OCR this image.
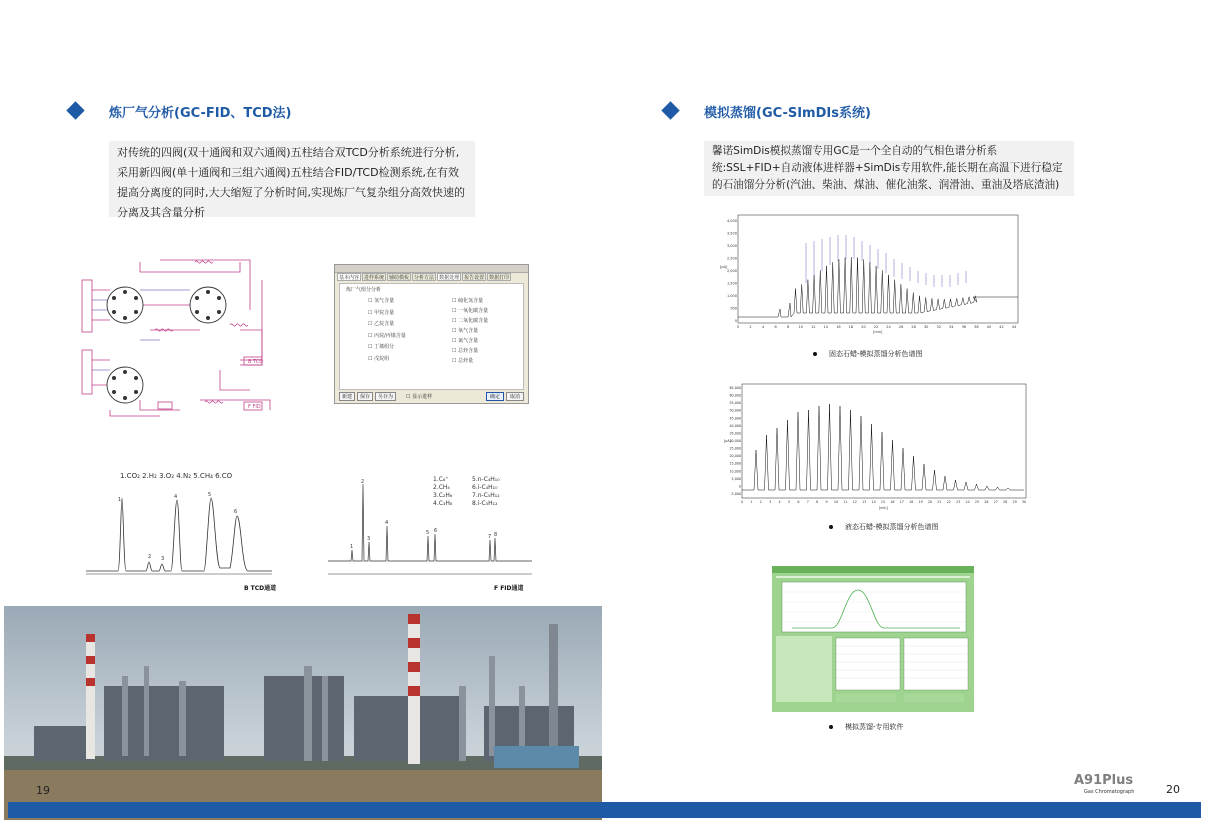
炼厂气分析(GC-FID、TCD法)
对传统的四阀(双十通阀和双六通阀)五柱结合双TCD分析系统进行分析,采用新四阀(单十通阀和三组六通阀)五柱结合FID/TCD检测系统,在有效提高分离度的同时,大大缩短了分析时间,实现炼厂气复杂组分高效快速的分离及其含量分析
B TCD
F FID
基本内容	进样系统	辅助模板	分析方法	数据处理	报告设置	数据打印
炼厂气组分分析
☐ 氢气含量
☐ 甲烷含量
☐ 乙烷含量
☐ 丙烷/丙烯含量
☐ 丁烯组分
☐ 戊烷组
☐ 硫化氢含量
☐ 一氧化碳含量
☐ 二氧化碳含量
☐ 氧气含量
☐ 氮气含量
☐ 总烃含量
☐ 总烃量
新建	保存	另存为	☐ 显示进样	确定	取消
1.CO₂ 2.H₂ 3.O₂ 4.N₂ 5.CH₄ 6.CO
1
2 3
4	5
6
B TCD通道
1.C₆⁺
2.CH₄
3.C₂H₆
4.C₃H₈
5.n-C₄H₁₀
6.i-C₄H₁₀
7.n-C₅H₁₂
8.i-C₅H₁₂
1
2
3
4
5 6
7 8
F FID通道
19
模拟蒸馏(GC-SImDIs系统)
馨诺SimDis模拟蒸馏专用GC是一个全自动的气相色谱分析系统:SSL+FID+自动液体进样器+SimDis专用软件,能长期在高温下进行稳定的石油馏分分析(汽油、柴油、煤油、催化油浆、润滑油、重油及塔底渣油)
4,000
3,500
3,000
2,500
2,000
1,500
1,000
500
0
0	2	4	6	8	10 12 14 16 18 20 22 24 26 28 30 32 34 36 38 40 42 44
[pA]
[min]
固态石蜡-模拟蒸馏分析色谱图
65,000
60,000
55,000
50,000
45,000
40,000
35,000
30,000
25,000
20,000
15,000
10,000
5,000
0
-5,000
0 1 2 3 4 5 6 7 8 9 10 11 12 13 14 15 16 17 18 19 20 21 22 23 24 25 26 27 28 29 30
[pA]
[min]
液态石蜡-模拟蒸馏分析色谱图
模拟蒸馏-专用软件
A91Plus
Gas Chromatograph	20
